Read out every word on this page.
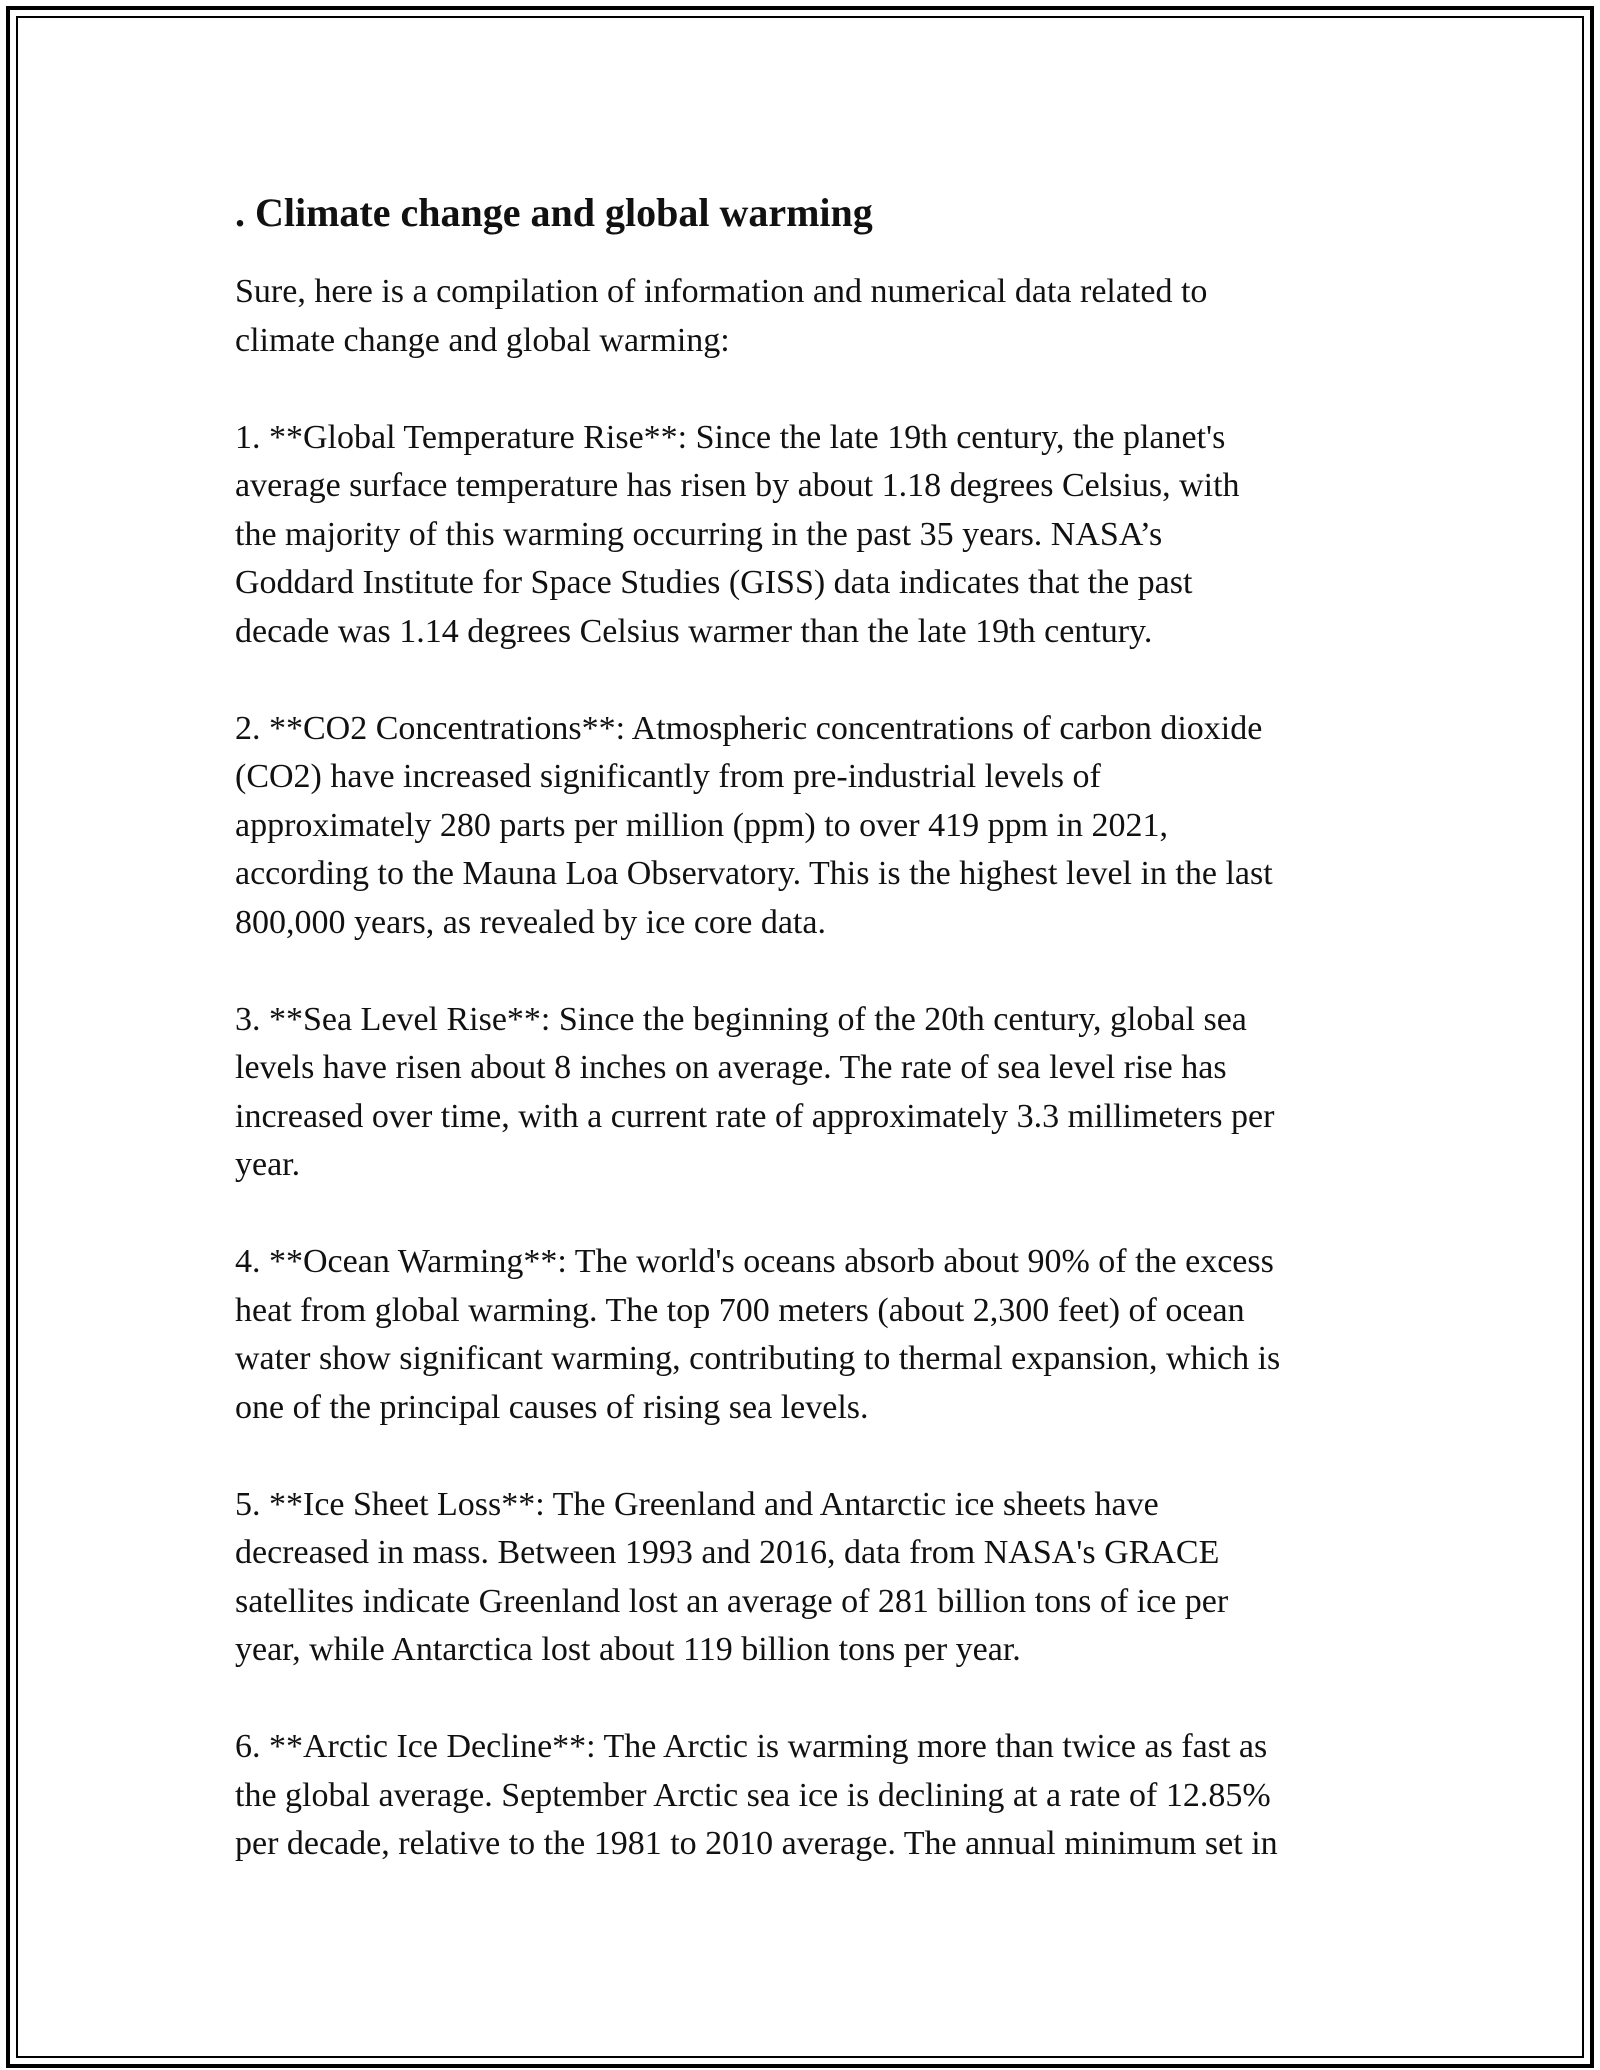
. Climate change and global warming

Sure, here is a compilation of information and numerical data related to
climate change and global warming:

1. **Global Temperature Rise**: Since the late 19th century, the planet's
average surface temperature has risen by about 1.18 degrees Celsius, with
the majority of this warming occurring in the past 35 years. NASA’s
Goddard Institute for Space Studies (GISS) data indicates that the past
decade was 1.14 degrees Celsius warmer than the late 19th century.

2. **CO2 Concentrations**: Atmospheric concentrations of carbon dioxide
(CO2) have increased significantly from pre-industrial levels of
approximately 280 parts per million (ppm) to over 419 ppm in 2021,
according to the Mauna Loa Observatory. This is the highest level in the last
800,000 years, as revealed by ice core data.

3. **Sea Level Rise**: Since the beginning of the 20th century, global sea
levels have risen about 8 inches on average. The rate of sea level rise has
increased over time, with a current rate of approximately 3.3 millimeters per
year.

4. **Ocean Warming**: The world's oceans absorb about 90% of the excess
heat from global warming. The top 700 meters (about 2,300 feet) of ocean
water show significant warming, contributing to thermal expansion, which is
one of the principal causes of rising sea levels.

5. **Ice Sheet Loss**: The Greenland and Antarctic ice sheets have
decreased in mass. Between 1993 and 2016, data from NASA's GRACE
satellites indicate Greenland lost an average of 281 billion tons of ice per
year, while Antarctica lost about 119 billion tons per year.

6. **Arctic Ice Decline**: The Arctic is warming more than twice as fast as
the global average. September Arctic sea ice is declining at a rate of 12.85%
per decade, relative to the 1981 to 2010 average. The annual minimum set in
